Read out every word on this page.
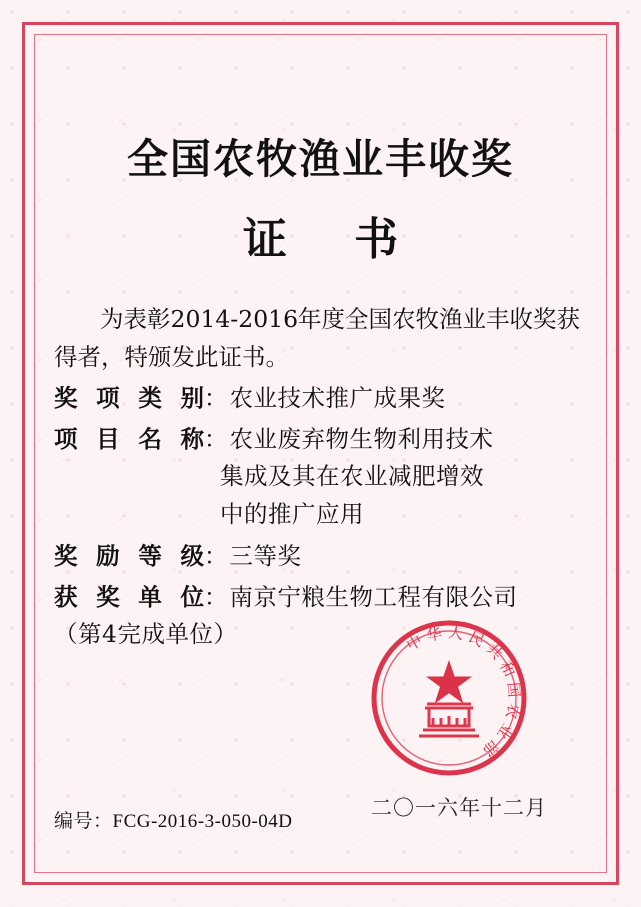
全国农牧渔业丰收奖
证 书
为表彰2014-2016年度全国农牧渔业丰收奖获得者，特颁发此证书。
奖 项 类 别 ： 农业技术推广成果奖
项 目 名 称 ： 农业废弃物生物利用技术
集成及其在农业减肥增效
中的推广应用
奖 励 等 级 ： 三等奖
获 奖 单 位 ： 南京宁粮生物工程有限公司
（第4完成单位）	中华人民共和国农业部
二〇一六年十二月
编号：FCG-2016-3-050-04D
